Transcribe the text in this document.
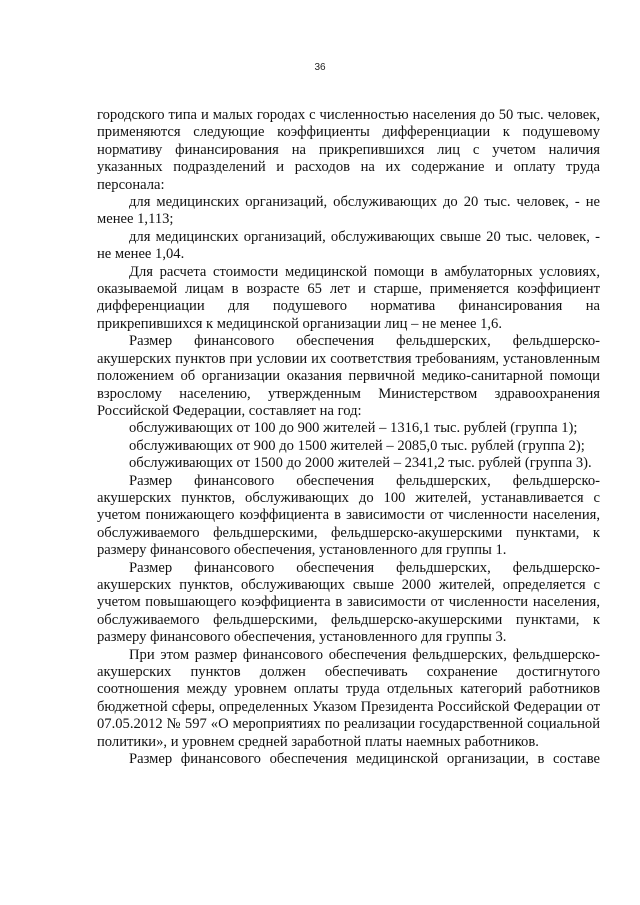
36

городского типа и малых городах с численностью населения до 50 тыс. человек, применяются следующие коэффициенты дифференциации к подушевому нормативу финансирования на прикрепившихся лиц с учетом наличия указанных подразделений и расходов на их содержание и оплату труда персонала:

для медицинских организаций, обслуживающих до 20 тыс. человек, - не менее 1,113;

для медицинских организаций, обслуживающих свыше 20 тыс. человек, - не менее 1,04.

Для расчета стоимости медицинской помощи в амбулаторных условиях, оказываемой лицам в возрасте 65 лет и старше, применяется коэффициент дифференциации для подушевого норматива финансирования на прикрепившихся к медицинской организации лиц – не менее 1,6.

Размер финансового обеспечения фельдшерских, фельдшерско-акушерских пунктов при условии их соответствия требованиям, установленным положением об организации оказания первичной медико-санитарной помощи взрослому населению, утвержденным Министерством здравоохранения Российской Федерации, составляет на год:

обслуживающих от 100 до 900 жителей – 1316,1 тыс. рублей (группа 1);

обслуживающих от 900 до 1500 жителей – 2085,0 тыс. рублей (группа 2);

обслуживающих от 1500 до 2000 жителей – 2341,2 тыс. рублей (группа 3).

Размер финансового обеспечения фельдшерских, фельдшерско-акушерских пунктов, обслуживающих до 100 жителей, устанавливается с учетом понижающего коэффициента в зависимости от численности населения, обслуживаемого фельдшерскими, фельдшерско-акушерскими пунктами, к размеру финансового обеспечения, установленного для группы 1.

Размер финансового обеспечения фельдшерских, фельдшерско-акушерских пунктов, обслуживающих свыше 2000 жителей, определяется с учетом повышающего коэффициента в зависимости от численности населения, обслуживаемого фельдшерскими, фельдшерско-акушерскими пунктами, к размеру финансового обеспечения, установленного для группы 3.

При этом размер финансового обеспечения фельдшерских, фельдшерско-акушерских пунктов должен обеспечивать сохранение достигнутого соотношения между уровнем оплаты труда отдельных категорий работников бюджетной сферы, определенных Указом Президента Российской Федерации от 07.05.2012 № 597 «О мероприятиях по реализации государственной социальной политики», и уровнем средней заработной платы наемных работников.

Размер финансового обеспечения медицинской организации, в составе
